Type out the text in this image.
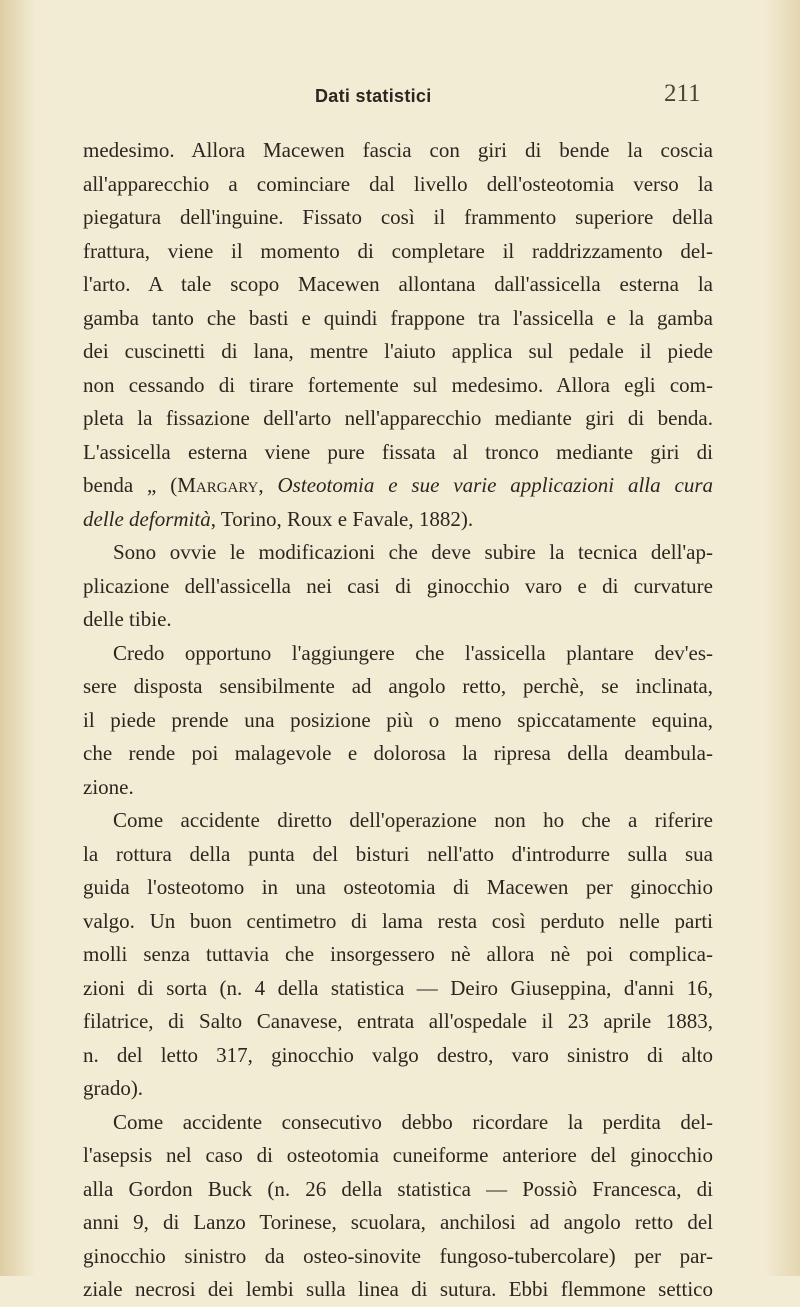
Dati statistici	211
medesimo. Allora Macewen fascia con giri di bende la coscia
all'apparecchio a cominciare dal livello dell'osteotomia verso la
piegatura dell'inguine. Fissato così il frammento superiore della
frattura, viene il momento di completare il raddrizzamento del-
l'arto. A tale scopo Macewen allontana dall'assicella esterna la
gamba tanto che basti e quindi frappone tra l'assicella e la gamba
dei cuscinetti di lana, mentre l'aiuto applica sul pedale il piede
non cessando di tirare fortemente sul medesimo. Allora egli com-
pleta la fissazione dell'arto nell'apparecchio mediante giri di benda.
L'assicella esterna viene pure fissata al tronco mediante giri di
benda „ (Margary, Osteotomia e sue varie applicazioni alla cura
delle deformità, Torino, Roux e Favale, 1882).
Sono ovvie le modificazioni che deve subire la tecnica dell'ap-
plicazione dell'assicella nei casi di ginocchio varo e di curvature
delle tibie.
Credo opportuno l'aggiungere che l'assicella plantare dev'es-
sere disposta sensibilmente ad angolo retto, perchè, se inclinata,
il piede prende una posizione più o meno spiccatamente equina,
che rende poi malagevole e dolorosa la ripresa della deambula-
zione.
Come accidente diretto dell'operazione non ho che a riferire
la rottura della punta del bisturi nell'atto d'introdurre sulla sua
guida l'osteotomo in una osteotomia di Macewen per ginocchio
valgo. Un buon centimetro di lama resta così perduto nelle parti
molli senza tuttavia che insorgessero nè allora nè poi complica-
zioni di sorta (n. 4 della statistica — Deiro Giuseppina, d'anni 16,
filatrice, di Salto Canavese, entrata all'ospedale il 23 aprile 1883,
n. del letto 317, ginocchio valgo destro, varo sinistro di alto
grado).
Come accidente consecutivo debbo ricordare la perdita del-
l'asepsis nel caso di osteotomia cuneiforme anteriore del ginocchio
alla Gordon Buck (n. 26 della statistica — Possiò Francesca, di
anni 9, di Lanzo Torinese, scuolara, anchilosi ad angolo retto del
ginocchio sinistro da osteo-sinovite fungoso-tubercolare) per par-
ziale necrosi dei lembi sulla linea di sutura. Ebbi flemmone settico
